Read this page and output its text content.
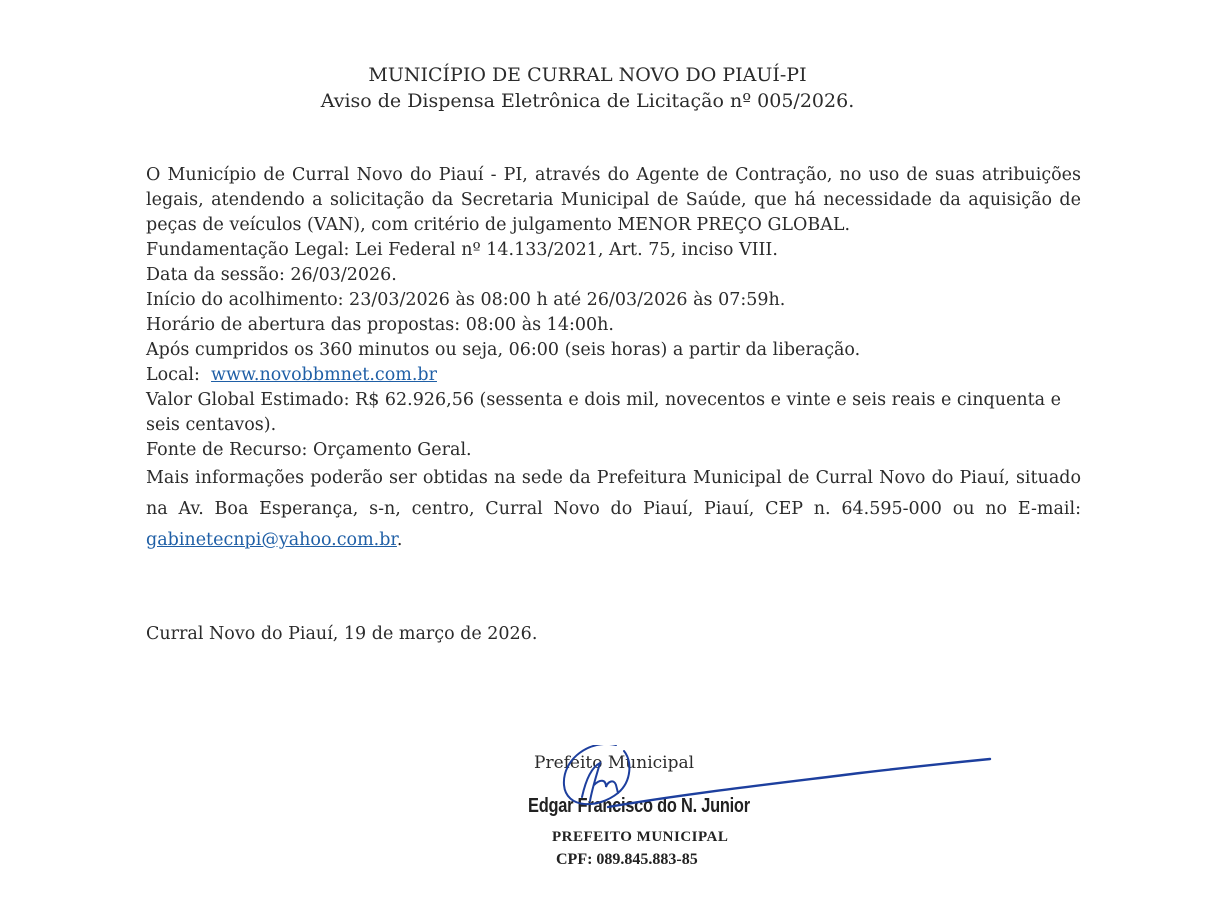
MUNICÍPIO DE CURRAL NOVO DO PIAUÍ-PI
Aviso de Dispensa Eletrônica de Licitação nº 005/2026.

O Município de Curral Novo do Piauí - PI, através do Agente de Contração, no uso de suas atribuições legais, atendendo a solicitação da Secretaria Municipal de Saúde, que há necessidade da aquisição de peças de veículos (VAN), com critério de julgamento MENOR PREÇO GLOBAL.

Fundamentação Legal: Lei Federal nº 14.133/2021, Art. 75, inciso VIII.

Data da sessão: 26/03/2026.

Início do acolhimento: 23/03/2026 às 08:00 h até 26/03/2026 às 07:59h.

Horário de abertura das propostas: 08:00 às 14:00h.

Após cumpridos os 360 minutos ou seja, 06:00 (seis horas) a partir da liberação.

Local: www.novobbmnet.com.br

Valor Global Estimado: R$ 62.926,56 (sessenta e dois mil, novecentos e vinte e seis reais e cinquenta e seis centavos).

Fonte de Recurso: Orçamento Geral.

Mais informações poderão ser obtidas na sede da Prefeitura Municipal de Curral Novo do Piauí, situado na Av. Boa Esperança, s-n, centro, Curral Novo do Piauí, Piauí, CEP n. 64.595-000 ou no E-mail: gabinetecnpi@yahoo.com.br.

Curral Novo do Piauí, 19 de março de 2026.
Prefeito Municipal
Edgar Francisco do N. Junior
PREFEITO MUNICIPAL
CPF: 089.845.883-85
